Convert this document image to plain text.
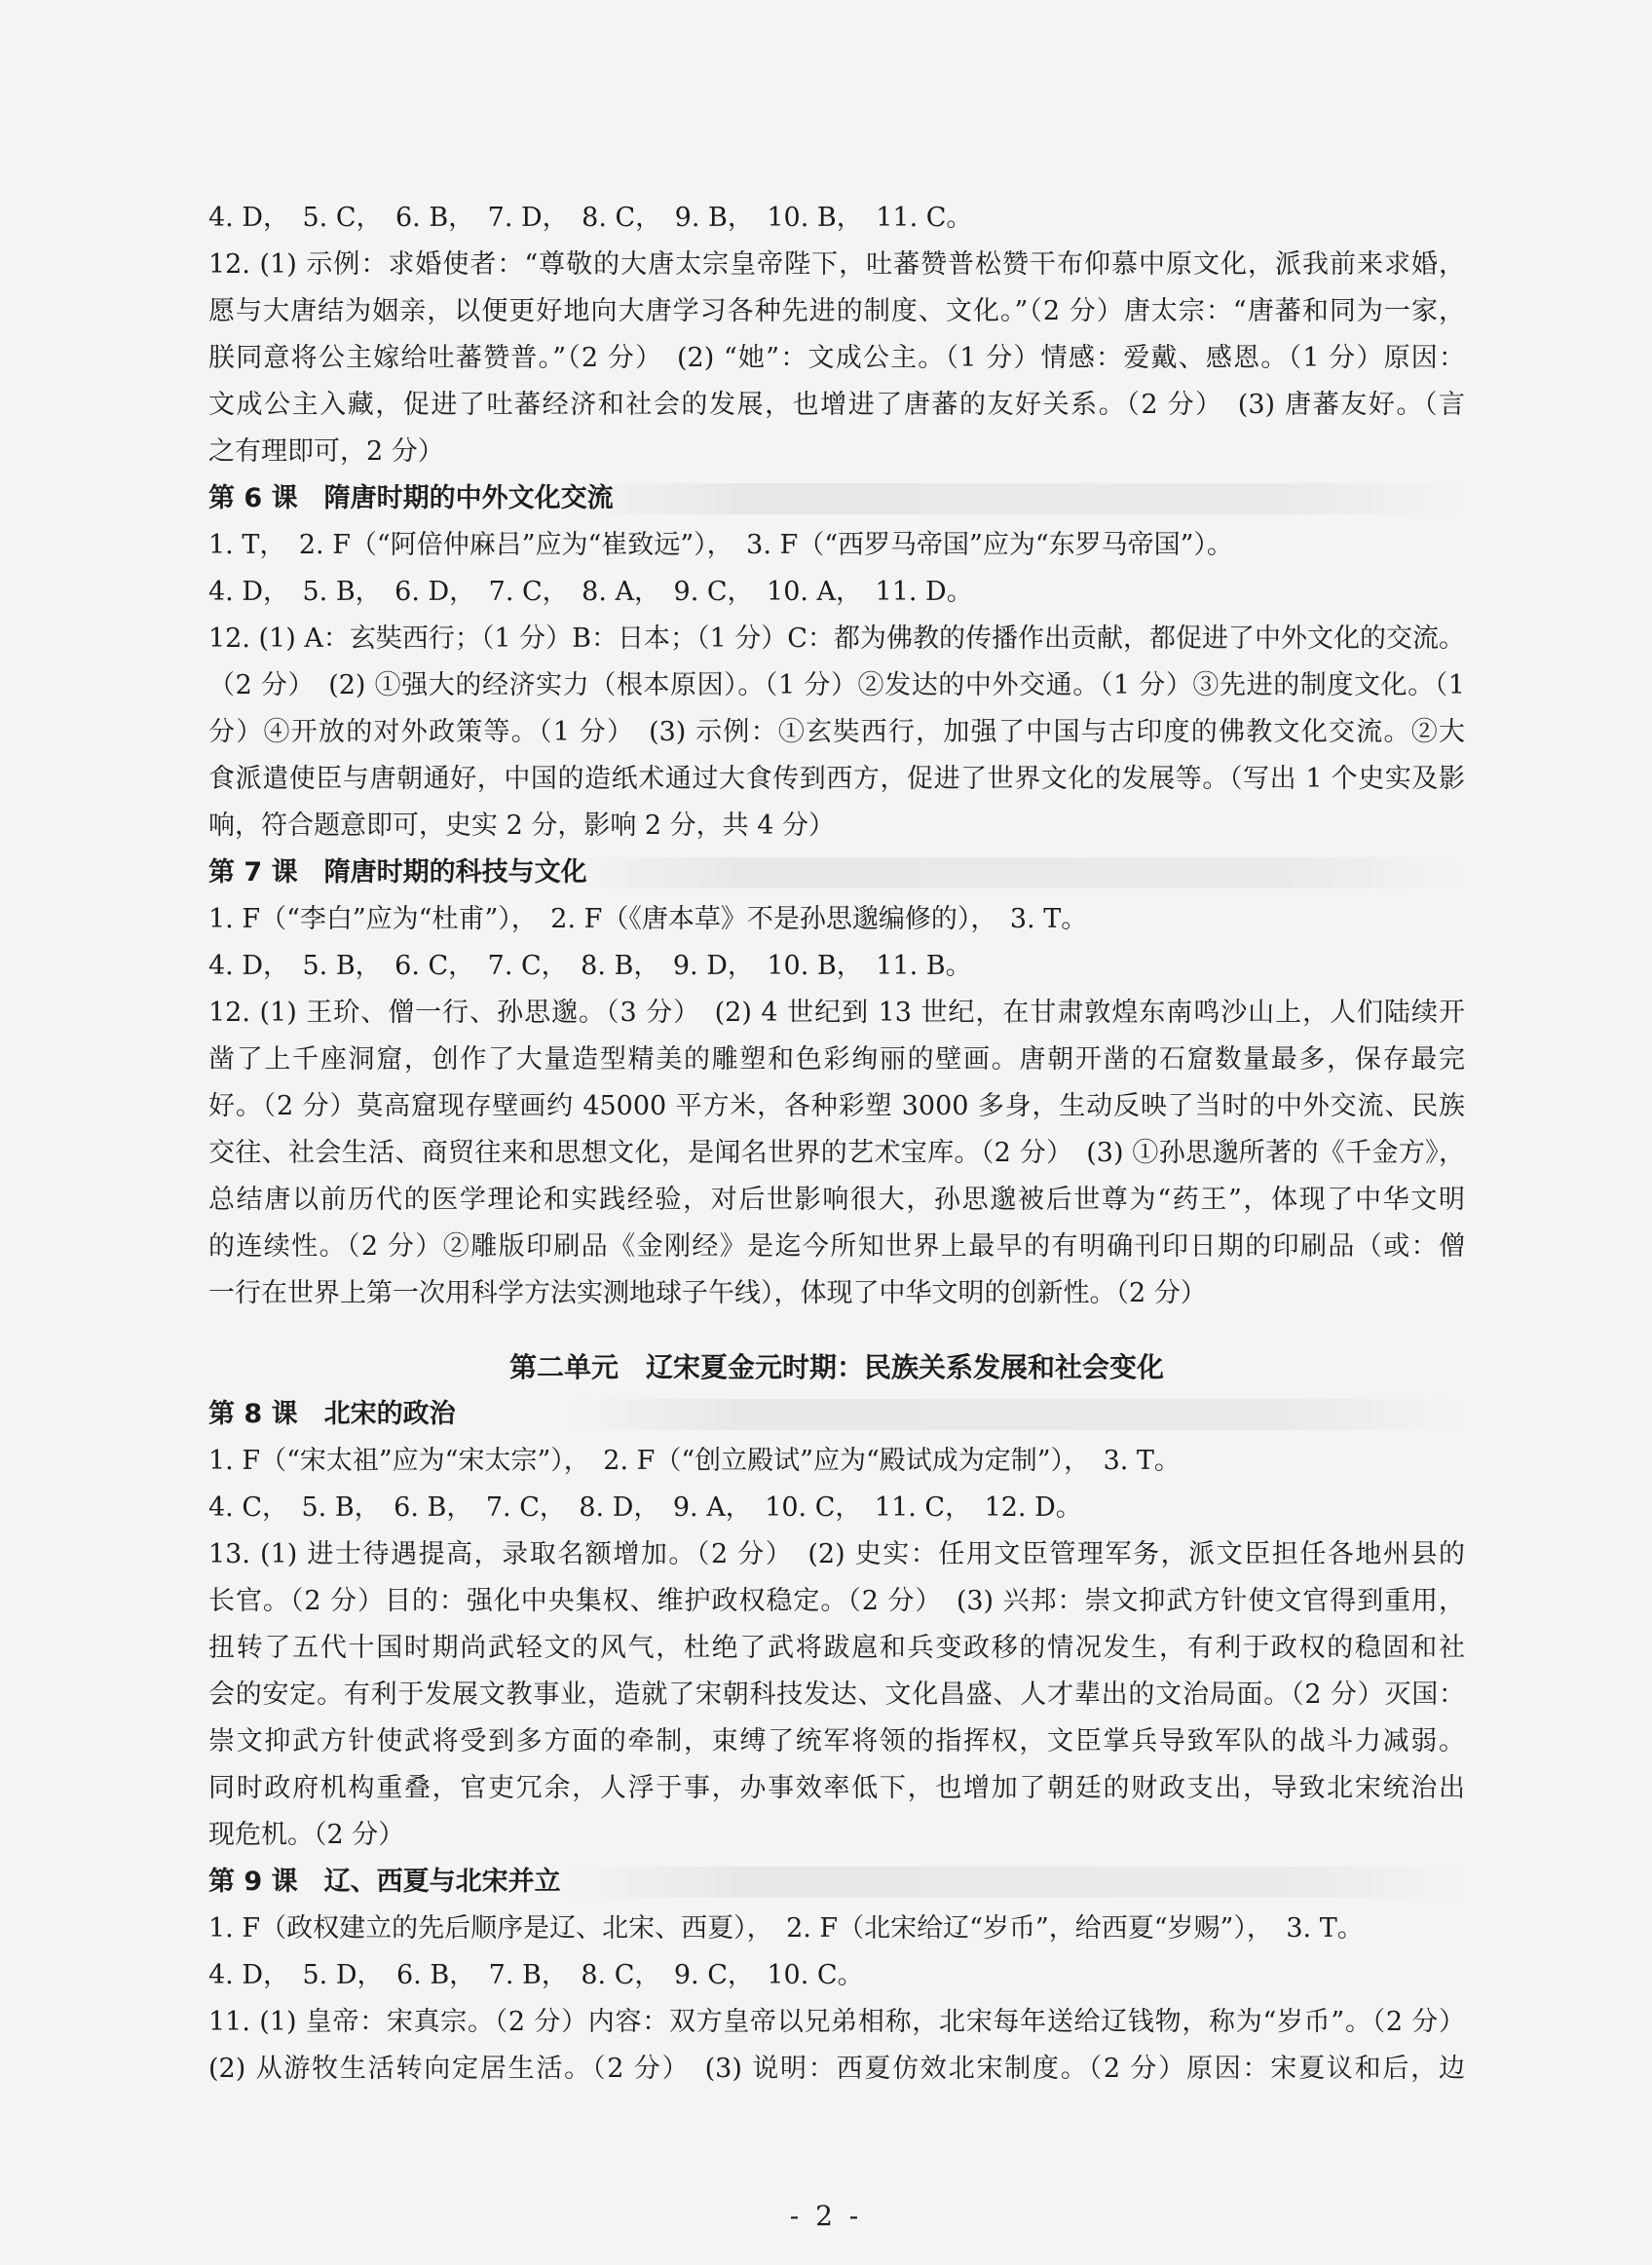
4. D，　5. C，　6. B，　7. D，　8. C，　9. B，　10. B，　11. C。
12. (1) 示例：求婚使者：“尊敬的大唐太宗皇帝陛下，吐蕃赞普松赞干布仰慕中原文化，派我前来求婚，
愿与大唐结为姻亲，以便更好地向大唐学习各种先进的制度、文化。”（2 分）唐太宗：“唐蕃和同为一家，
朕同意将公主嫁给吐蕃赞普。”（2 分）　(2) “她”：文成公主。（1 分）情感：爱戴、感恩。（1 分）原因：
文成公主入藏，促进了吐蕃经济和社会的发展，也增进了唐蕃的友好关系。（2 分）　(3) 唐蕃友好。（言
之有理即可，2 分）
第 6 课　隋唐时期的中外文化交流
1. T，　2. F（“阿倍仲麻吕”应为“崔致远”），　3. F（“西罗马帝国”应为“东罗马帝国”）。
4. D，　5. B，　6. D，　7. C，　8. A，　9. C，　10. A，　11. D。
12. (1) A：玄奘西行；（1 分）B：日本；（1 分）C：都为佛教的传播作出贡献，都促进了中外文化的交流。
（2 分）　(2) ①强大的经济实力（根本原因）。（1 分）②发达的中外交通。（1 分）③先进的制度文化。（1
分）④开放的对外政策等。（1 分）　(3) 示例：①玄奘西行，加强了中国与古印度的佛教文化交流。②大
食派遣使臣与唐朝通好，中国的造纸术通过大食传到西方，促进了世界文化的发展等。（写出 1 个史实及影
响，符合题意即可，史实 2 分，影响 2 分，共 4 分）
第 7 课　隋唐时期的科技与文化
1. F（“李白”应为“杜甫”），　2. F（《唐本草》不是孙思邈编修的），　3. T。
4. D，　5. B，　6. C，　7. C，　8. B，　9. D，　10. B，　11. B。
12. (1) 王玠、僧一行、孙思邈。（3 分）　(2) 4 世纪到 13 世纪，在甘肃敦煌东南鸣沙山上，人们陆续开
凿了上千座洞窟，创作了大量造型精美的雕塑和色彩绚丽的壁画。唐朝开凿的石窟数量最多，保存最完
好。（2 分）莫高窟现存壁画约 45000 平方米，各种彩塑 3000 多身，生动反映了当时的中外交流、民族
交往、社会生活、商贸往来和思想文化，是闻名世界的艺术宝库。（2 分）　(3) ①孙思邈所著的《千金方》，
总结唐以前历代的医学理论和实践经验，对后世影响很大，孙思邈被后世尊为“药王”，体现了中华文明
的连续性。（2 分）②雕版印刷品《金刚经》是迄今所知世界上最早的有明确刊印日期的印刷品（或：僧
一行在世界上第一次用科学方法实测地球子午线），体现了中华文明的创新性。（2 分）
第二单元　辽宋夏金元时期：民族关系发展和社会变化
第 8 课　北宋的政治
1. F（“宋太祖”应为“宋太宗”），　2. F（“创立殿试”应为“殿试成为定制”），　3. T。
4. C，　5. B，　6. B，　7. C，　8. D，　9. A，　10. C，　11. C，　12. D。
13. (1) 进士待遇提高，录取名额增加。（2 分）　(2) 史实：任用文臣管理军务，派文臣担任各地州县的
长官。（2 分）目的：强化中央集权、维护政权稳定。（2 分）　(3) 兴邦：崇文抑武方针使文官得到重用，
扭转了五代十国时期尚武轻文的风气，杜绝了武将跋扈和兵变政移的情况发生，有利于政权的稳固和社
会的安定。有利于发展文教事业，造就了宋朝科技发达、文化昌盛、人才辈出的文治局面。（2 分）灭国：
崇文抑武方针使武将受到多方面的牵制，束缚了统军将领的指挥权，文臣掌兵导致军队的战斗力减弱。
同时政府机构重叠，官吏冗余，人浮于事，办事效率低下，也增加了朝廷的财政支出，导致北宋统治出
现危机。（2 分）
第 9 课　辽、西夏与北宋并立
1. F（政权建立的先后顺序是辽、北宋、西夏），　2. F（北宋给辽“岁币”，给西夏“岁赐”），　3. T。
4. D，　5. D，　6. B，　7. B，　8. C，　9. C，　10. C。
11. (1) 皇帝：宋真宗。（2 分）内容：双方皇帝以兄弟相称，北宋每年送给辽钱物，称为“岁币”。（2 分）
(2) 从游牧生活转向定居生活。（2 分）　(3) 说明：西夏仿效北宋制度。（2 分）原因：宋夏议和后，边
- 2 -
